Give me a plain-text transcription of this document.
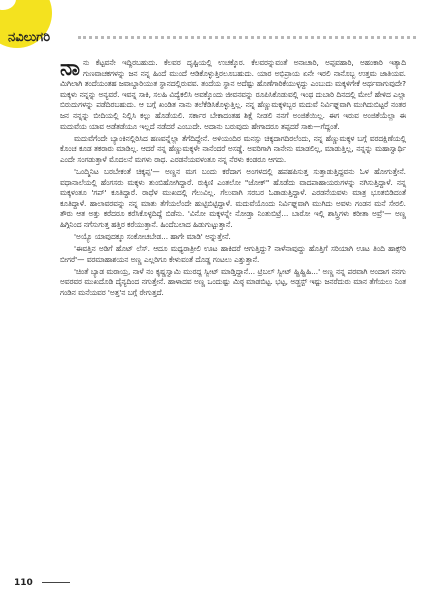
ನವಿಲುಗರಿ

ನಾನು ಕೆಟ್ಟವನೇ ಇದ್ದಿರಬಹುದು. ಕೆಲವರ ದೃಷ್ಟಿಯಲ್ಲಿ ಉಚಕ್ಕೊರ. ಕೆಲವರನ್ನುವಂತೆ ಅನಾಚಾರಿ, ಅಪ್ಪವಹಾರಿ, ಅಹಂಕಾರಿ ಇತ್ಯಾದಿ ಗುಣವಾಚಕಗಳನ್ನು ಜನ ನನ್ನ ಹಿಂದೆ ಮುಂದೆ ಆಡಿಕೊಳ್ಳುತ್ತಿರಲೂಬಹುದು. ಯಾರ ಅಭಿಪ್ರಾಯ ಏನೇ ಇರಲಿ ನಾನೊಬ್ಬ ಉತ್ತಮ ಜಾತಿಯವ. ಮಿಗಿಲಾಗಿ ತಂದೆಯಂತಹ ಜವಾಬ್ದಾರಿಯುತ ಸ್ಥಾನದಲ್ಲಿರುವವ. ತಂದೆಯ ಸ್ಥಾನ ಅದೆಷ್ಟು ಹೊಣೆಗಾರಿಕೆಯುಳ್ಳದ್ದು ಎಂಬುದು ಮಕ್ಕಳಿಗೇಕೆ ಅರ್ಥವಾಗುವುದೇ? ಮಕ್ಕಳು ನನ್ನನ್ನು ಅನ್ಯವರೆ. ಇವನ್ನ ಸಾಕಿ, ಸಲಹಿ ವಿದ್ಯೆಕಲಿಸಿ ಅವಕ್ಕೊಂದು ಜೀವನವನ್ನು ರೂಪಿಸಿಕೊಡುವಲ್ಲಿ ಇಂಥ ದುಬಾರಿ ದಿನದಲ್ಲಿ ಮೇಲೆ ಹೇಳಿದ ಎಲ್ಲಾ ಬಿರುದುಗಳನ್ನು ಪಡೆದಿರಬಹುದು. ಆ ಬಗ್ಗೆ ಖಂಡಿತ ನಾನು ತಲೆಕೆಡಿಸಿಕೊಳ್ಳುತ್ತಿಲ್ಲ. ನನ್ನ ಹೆಣ್ಣುಮಕ್ಕಳಿಬ್ಬರ ಮದುವೆ ನಿರ್ವಿಘ್ನವಾಗಿ ಮುಗಿದುಬಿಟ್ಟರೆ ನಂತರ ಜನ ನನ್ನನ್ನು ಬೀದಿಯಲ್ಲಿ ನಿಲ್ಲಿಸಿ ಕಲ್ಲು ಹೊಡೆಯಲಿ. ಸರ್ಕಾರ ಬೇಕಾದಂತಹ ಶಿಕ್ಷೆ ನೀಡಲಿ ನನಗೆ ಅಂಜಿಕೆಯಿಲ್ಲ. ಈಗ ಇರುವ ಅಂಜಿಕೆಯೆಲ್ಲಾ ಈ ಮದುವೆಯ ಯಾವ ಅಡೆತಡೆಯೂ ಇಲ್ಲದೆ ನಡೆದರೆ ಎಂಬುದೇ. ಅದಾನು ಬರುವುದು ಹೇಗಾದರೂ ತಪ್ಪದರೆ ಸಾಕು—ಗೆದ್ದಂತೆ.

ಮದುವೆಗೆಂದೇ ಬ್ಯಾಂಕಿನಲ್ಲಿರಿಸಿದ ಹಣವನ್ನೆಲ್ಲಾ ತೆಗೆದಿದ್ದೇನೆ. ಅಳಿಯಂದಿರ ಮನಸ್ಸು ಚಿಕ್ಕದಾಗದಿರಲೆಂದು, ನನ್ನ ಹೆಣ್ಣುಮಕ್ಕಳ ಬಗ್ಗೆ ವರದಕ್ಷಿಣೆಯಲ್ಲಿ ಕೊಂಚ ಕೂಡ ತಕರಾರು ಮಾಡಿಲ್ಲ. ಆದರೆ ನನ್ನ ಹೆಣ್ಣುಮಕ್ಕಳೇ ನಾನೆಂದರೆ ಅಸಡ್ಡೆ. ಅವರಿಗಾಗಿ ನಾನೇನು ಮಾಡಲಿಲ್ಲ, ಮಾಡುತ್ತಿಲ್ಲ, ನನ್ನನ್ನು ಮಹಾಸ್ವಾರ್ಥಿ ಎಂದೇ ಸಂಗಡುತ್ತಾಳೆ ಮೊದಲನೆ ಮಗಳು ರಾಧ. ಎರಡನೆಯವಳಂತೂ ನನ್ನ ನೆರಳು ಕಂಡರೂ ಆಗದು.

'ಒಂದ್ಮಿನಿಟ ಬರಬೇಕಂತೆ ಚಿಕ್ಕಪ್ಪ'— ಅಣ್ಣನ ಮಗ ಬಂದು ಕರೆದಾಗ ಅಂಗಳದಲ್ಲಿ ಹಪಹಪಿಸುತ್ತ ಸುತ್ತಾಡುತ್ತಿದ್ದವನು ಓಳ ಹೋಗುತ್ತೇನೆ. ವಧಾನಾಲೆಯಲ್ಲಿ ಹೆಂಗಸರು ಮಕ್ಕಳು ತುಂಬಿಹೋಗಿದ್ದಾರೆ. ರುಕ್ಕಿಣಿ ಎಂತಲೋ "ಜೋಕ್" ಹೊಡೆದು ವಾದಪಾಹಾಯರುಗಳನ್ನು ನಗಿಸುತ್ತಿದ್ದಾಳೆ. ನನ್ನ ಮಕ್ಕಳಂತೂ 'ಗಪ್' ಕೂತಿದ್ದಾರೆ. ರಾಧೆಳ ಮುಖದಲ್ಲಿ ಗೆಲುವಿಲ್ಲ. ಗೆಲುವಾಗಿ ಸರಬರ ಓಡಾಡುತ್ತಿದ್ದಾಳೆ. ಎರಡನೆಯವಳು ಮಾತ್ರ ಭೂತಬಿಡಿದಂತೆ ಕೂತಿದ್ದಾಳೆ. ಹಾಲಾವರವನ್ನು ನನ್ನ ಮಾತು ತೆಗೆಯಲೆಂದೇ ಹುಟ್ಟಿಬಿಟ್ಟಿದ್ದಾಳೆ. ಮದುವೆಯೊಂದು ನಿರ್ವಿಘ್ನವಾಗಿ ಮುಗಿದು ಅವಳು ಗಂಡನ ಮನೆ ಸೇರಲಿ. ತೌರು ಆತ ಅತ್ತು ಕರೆದರೂ ಕರೆಸಿಕೊಳ್ಳದಿದ್ದೆ ಬಿಡೆನು. 'ವಿನೋ ಮಕ್ಕಳನ್ನೇ ನೋಡ್ತಾ ನಿಂತುಬಿಟ್ರೆ... ಬಾರೋ ಇಲ್ಲಿ ಶಾಸ್ತ್ರಿಗಳು ಕರೀತಾ ಅವ್ರೆ'— ಅಣ್ಣ ಹಿಗ್ಗಿನಿಂದ ನಗೆಸುಗುತ್ತ ಹತ್ತಿರ ಕರೆಯುತ್ತಾನೆ. ಹಿಂದೆಬಲಾದ ಹಿಡುಗುಟ್ಟುತ್ತಾನೆ.

'ಅಯ್ಯೊ ಯಾವುದಕ್ಕೂ ಸಂಕೋಚಬೇಡ... ಹಾಗೇ ಮಾಡಿ' ಅನ್ನುತ್ತೇನೆ.

'ಈವತ್ತಿನ ಅಡಿಗೆ ಹೊಟ್ ಲೆಸ್. ಆದೂ ಮಧ್ಯರಾತ್ರೀಲಿ ಊಟ ಹಾಕಿದರೆ ಆಗುತ್ತಿದ್ದು? ನಾಳೆನಾವುದ್ದು ಹೊತ್ತಿಗೆ ಸರಿಯಾಗಿ ಊಟ ತಿಂದಿ ಹಾಕ್ಸ್‌ರಿ ಬೀಗರೆ'— ವರಮಾಹಾಶಯನ ಅಣ್ಣ ಎಲ್ಲರಿಗೂ ಕೇಳುವಂತೆ ದೊಡ್ಡ ಗಂಟಲು ಎತ್ತುತ್ತಾನೆ.

'ಚಿಂತೆ ಬ್ಯಾಡ ಮರಾಯ್ರ, ನಾಳೆ ನಂ ಕೃಷ್ಣಸ್ವಾಮಿ ಮುರದ್ದ ಸ್ವೀಟ್ ಮಾಡ್ತಿದ್ದಾನೆ... ಟ್ರಿಬಲ್ ಸ್ವೀಟ್ ಹ್ಹಿಹ್ಹಿಹಿ...' ಅಣ್ಣ ನನ್ನ ಪರವಾಗಿ ಅಂದಾಗ ನನಗು ಅವರವರ ಮುಖದೊಡಿ ದೈನ್ಯದಿಂದ ನಗುತ್ತೇನೆ. ಹಾಳಾದವ ಅಣ್ಣ ಒಂದುಷ್ಟು ಮಿಠ್ಠ ಮಾಡಬಿಟ್ಟ. ಭಟ್ಟ, ಅಡ್ಜಸ್ಟ್ ಇಷ್ಟು ಜನರೆದುರು ಮಾನ ತೆಗೆಯಲು ನಿಂತ ಗಂಡಿನ ಮನೆಯವರ 'ಅತ್ತ'ನ ಬಗ್ಗೆ ರೇಗುತ್ತದೆ.

110
